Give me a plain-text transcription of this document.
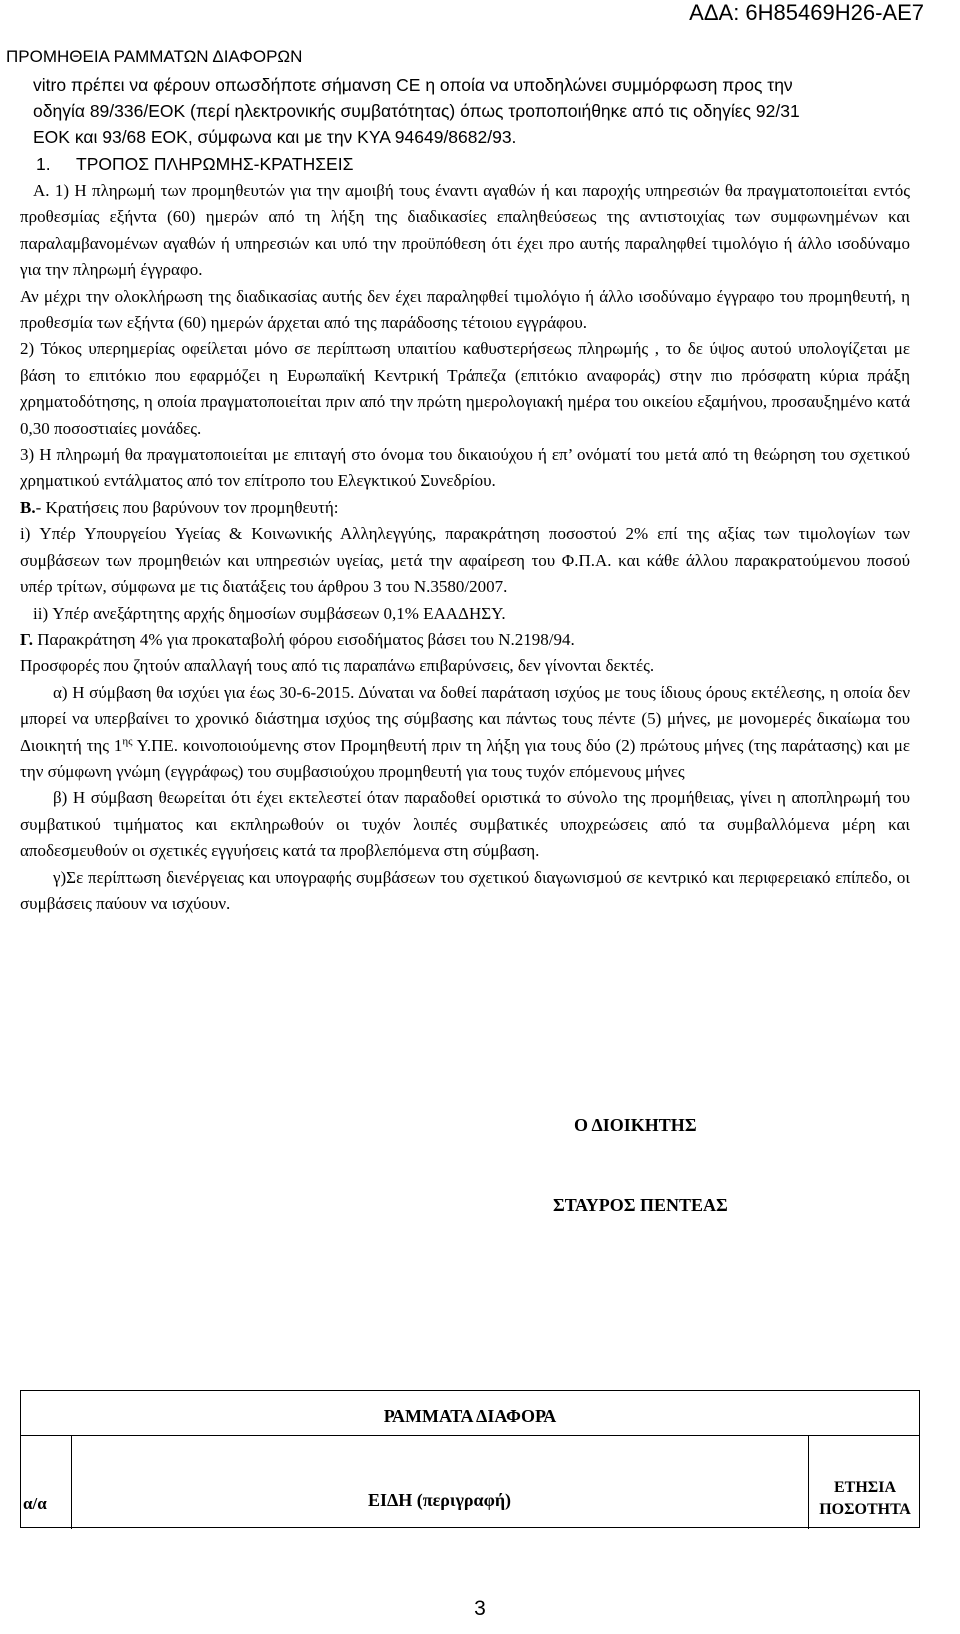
ΑΔΑ: 6Η85469Η26-ΑΕ7
ΠΡΟΜΗΘΕΙΑ ΡΑΜΜΑΤΩΝ ΔΙΑΦΟΡΩΝ

vitro πρέπει να φέρουν οπωσδήποτε σήμανση CE η οποία να υποδηλώνει συμμόρφωση προς την

οδηγία 89/336/ΕΟΚ (περί ηλεκτρονικής συμβατότητας) όπως τροποποιήθηκε από τις οδηγίες 92/31

ΕΟΚ και 93/68 ΕΟΚ, σύμφωνα και με την ΚΥΑ 94649/8682/93.

1. ΤΡΟΠΟΣ ΠΛΗΡΩΜΗΣ-ΚΡΑΤΗΣΕΙΣ

Α. 1) Η πληρωμή των προμηθευτών για την αμοιβή τους έναντι αγαθών ή και παροχής υπηρεσιών θα πραγματοποιείται εντός προθεσμίας εξήντα (60) ημερών από τη λήξη της διαδικασίες επαληθεύσεως της αντιστοιχίας των συμφωνημένων και παραλαμβανομένων αγαθών ή υπηρεσιών και υπό την προϋπόθεση ότι έχει προ αυτής παραληφθεί τιμολόγιο ή άλλο ισοδύναμο για την πληρωμή έγγραφο.

Αν μέχρι την ολοκλήρωση της διαδικασίας αυτής δεν έχει παραληφθεί τιμολόγιο ή άλλο ισοδύναμο έγγραφο του προμηθευτή, η προθεσμία των εξήντα (60) ημερών άρχεται από της παράδοσης τέτοιου εγγράφου.

2) Τόκος υπερημερίας οφείλεται μόνο σε περίπτωση υπαιτίου καθυστερήσεως πληρωμής , το δε ύψος αυτού υπολογίζεται με βάση το επιτόκιο που εφαρμόζει η Ευρωπαϊκή Κεντρική Τράπεζα (επιτόκιο αναφοράς) στην πιο πρόσφατη κύρια πράξη χρηματοδότησης, η οποία πραγματοποιείται πριν από την πρώτη ημερολογιακή ημέρα του οικείου εξαμήνου, προσαυξημένο κατά 0,30 ποσοστιαίες μονάδες.

3) Η πληρωμή θα πραγματοποιείται με επιταγή στο όνομα του δικαιούχου ή επ’ ονόματί του μετά από τη θεώρηση του σχετικού χρηματικού εντάλματος από τον επίτροπο του Ελεγκτικού Συνεδρίου.

Β.- Κρατήσεις που βαρύνουν τον προμηθευτή:

i) Υπέρ Υπουργείου Υγείας & Κοινωνικής Αλληλεγγύης, παρακράτηση ποσοστού 2% επί της αξίας των τιμολογίων των συμβάσεων των προμηθειών και υπηρεσιών υγείας, μετά την αφαίρεση του Φ.Π.Α. και κάθε άλλου παρακρατούμενου ποσού υπέρ τρίτων, σύμφωνα με τις διατάξεις του άρθρου 3 του Ν.3580/2007.

ii) Υπέρ ανεξάρτητης αρχής δημοσίων συμβάσεων 0,1% ΕΑΑΔΗΣΥ.

Γ. Παρακράτηση 4% για προκαταβολή φόρου εισοδήματος βάσει του Ν.2198/94.

Προσφορές που ζητούν απαλλαγή τους από τις παραπάνω επιβαρύνσεις, δεν γίνονται δεκτές.

α) Η σύμβαση θα ισχύει για έως 30-6-2015. Δύναται να δοθεί παράταση ισχύος με τους ίδιους όρους εκτέλεσης, η οποία δεν μπορεί να υπερβαίνει το χρονικό διάστημα ισχύος της σύμβασης και πάντως τους πέντε (5) μήνες, με μονομερές δικαίωμα του Διοικητή της $1^{\eta\varsigma}$ Υ.ΠΕ. κοινοποιούμενης στον Προμηθευτή πριν τη λήξη για τους δύο (2) πρώτους μήνες (της παράτασης) και με την σύμφωνη γνώμη (εγγράφως) του συμβασιούχου προμηθευτή για τους τυχόν επόμενους μήνες

β) Η σύμβαση θεωρείται ότι έχει εκτελεστεί όταν παραδοθεί οριστικά το σύνολο της προμήθειας, γίνει η αποπληρωμή του συμβατικού τιμήματος και εκπληρωθούν οι τυχόν λοιπές συμβατικές υποχρεώσεις από τα συμβαλλόμενα μέρη και αποδεσμευθούν οι σχετικές εγγυήσεις κατά τα προβλεπόμενα στη σύμβαση.

γ)Σε περίπτωση διενέργειας και υπογραφής συμβάσεων του σχετικού διαγωνισμού σε κεντρικό και περιφερειακό επίπεδο, οι συμβάσεις παύουν να ισχύουν.

Ο ΔΙΟΙΚΗΤΗΣ
ΣΤΑΥΡΟΣ ΠΕΝΤΕΑΣ
ΡΑΜΜΑΤΑ ΔΙΑΦΟΡΑ
α/α	ΕΙΔΗ (περιγραφή)
ΕΤΗΣΙΑ
ΠΟΣΟΤΗΤΑ
3
